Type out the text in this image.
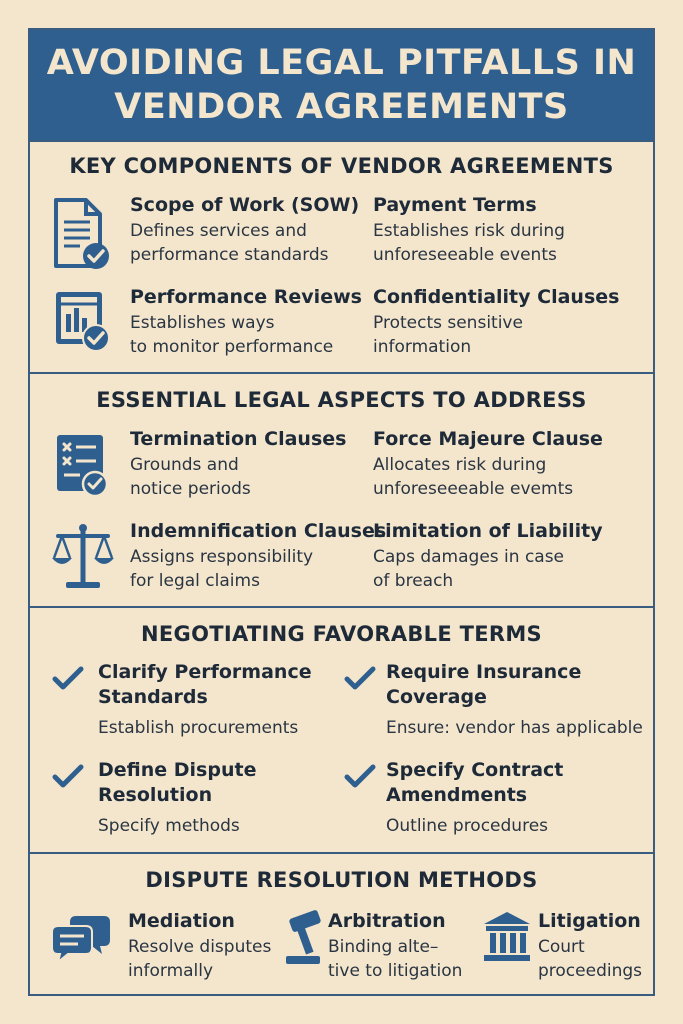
AVOIDING LEGAL PITFALLS IN
VENDOR AGREEMENTS
KEY COMPONENTS OF VENDOR AGREEMENTS
Scope of Work (SOW)
Defines services and
performance standards
Payment Terms
Establishes risk during
unforeseeable events
Performance Reviews
Establishes ways
to monitor performance
Confidentiality Clauses
Protects sensitive
information
ESSENTIAL LEGAL ASPECTS TO ADDRESS
Termination Clauses
Grounds and
notice periods
Force Majeure Clause
Allocates risk during
unforeseeeable evemts
Indemnification Clauses
Assigns responsibility
for legal claims
Limitation of Liability
Caps damages in case
of breach
NEGOTIATING FAVORABLE TERMS
Clarify Performance
Standards
Establish procurements
Require Insurance
Coverage
Ensure: vendor has applicable
Define Dispute
Resolution
Specify methods
Specify Contract
Amendments
Outline procedures
DISPUTE RESOLUTION METHODS
Mediation
Resolve disputes
informally
Arbitration
Binding alte–
tive to litigation
Litigation
Court
proceedings
